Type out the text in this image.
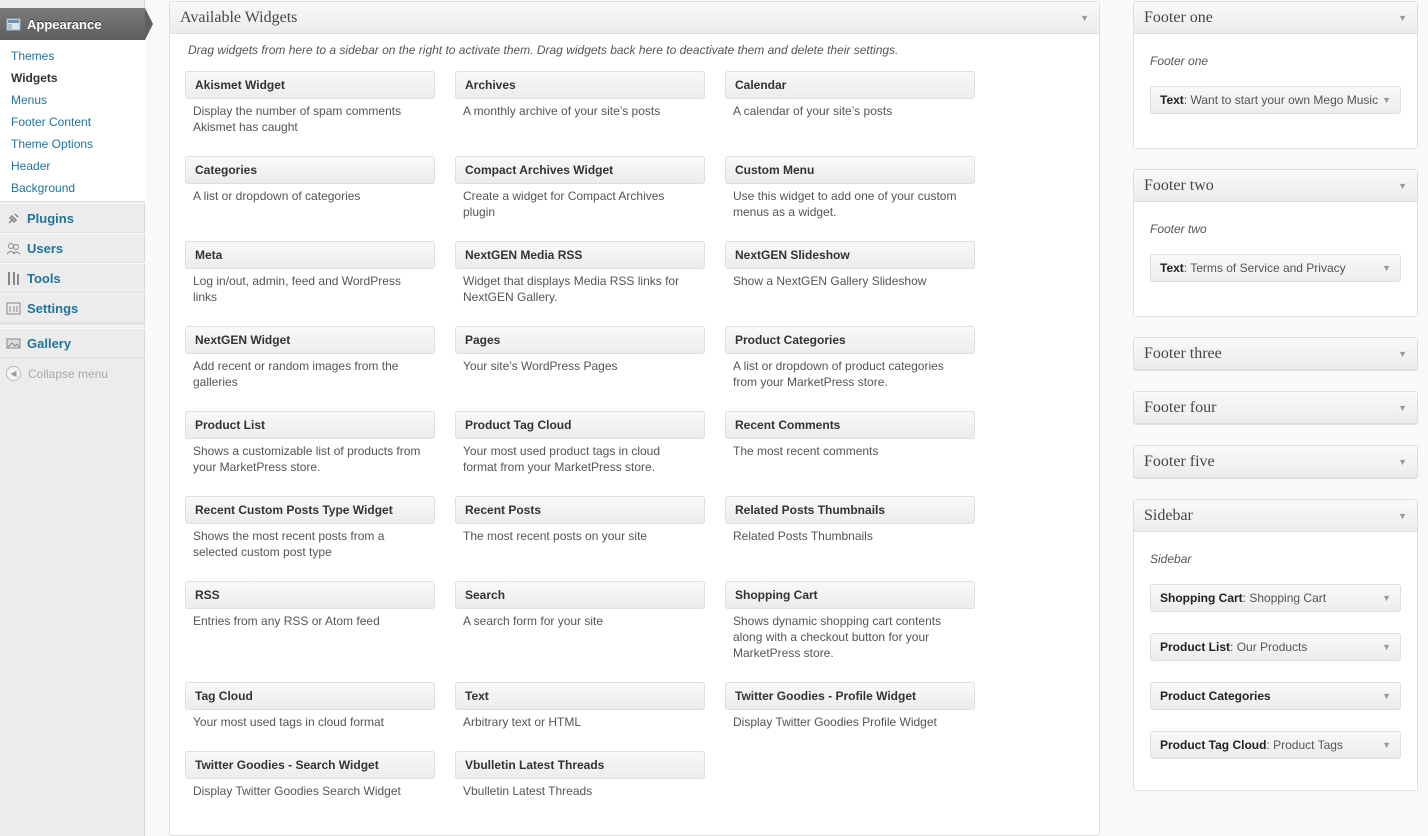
Appearance
Themes
Widgets
Menus
Footer Content
Theme Options
Header
Background
Plugins
Users
Tools
Settings
Gallery
◀ Collapse menu
Available Widgets	▼
Drag widgets from here to a sidebar on the right to activate them. Drag widgets back here to deactivate them and delete their settings.
Akismet Widget
Display the number of spam comments Akismet has caught
Archives
A monthly archive of your site’s posts
Calendar
A calendar of your site’s posts
Categories
A list or dropdown of categories
Compact Archives Widget
Create a widget for Compact Archives plugin
Custom Menu
Use this widget to add one of your custom menus as a widget.
Meta
Log in/out, admin, feed and WordPress links
NextGEN Media RSS
Widget that displays Media RSS links for NextGEN Gallery.
NextGEN Slideshow
Show a NextGEN Gallery Slideshow
NextGEN Widget
Add recent or random images from the galleries
Pages
Your site’s WordPress Pages
Product Categories
A list or dropdown of product categories from your MarketPress store.
Product List
Shows a customizable list of products from your MarketPress store.
Product Tag Cloud
Your most used product tags in cloud format from your MarketPress store.
Recent Comments
The most recent comments
Recent Custom Posts Type Widget
Shows the most recent posts from a selected custom post type
Recent Posts
The most recent posts on your site
Related Posts Thumbnails
Related Posts Thumbnails
RSS
Entries from any RSS or Atom feed
Search
A search form for your site
Shopping Cart
Shows dynamic shopping cart contents along with a checkout button for your MarketPress store.
Tag Cloud
Your most used tags in cloud format
Text
Arbitrary text or HTML
Twitter Goodies - Profile Widget
Display Twitter Goodies Profile Widget
Twitter Goodies - Search Widget
Display Twitter Goodies Search Widget
Vbulletin Latest Threads
Vbulletin Latest Threads
Footer one	▼
Footer one
Text: Want to start your own Mego Music ▼
Footer two	▼
Footer two
Text: Terms of Service and Privacy	▼
Footer three	▼
Footer four	▼
Footer five	▼
Sidebar	▼
Sidebar
Shopping Cart: Shopping Cart	▼
Product List: Our Products	▼
Product Categories	▼
Product Tag Cloud: Product Tags	▼
